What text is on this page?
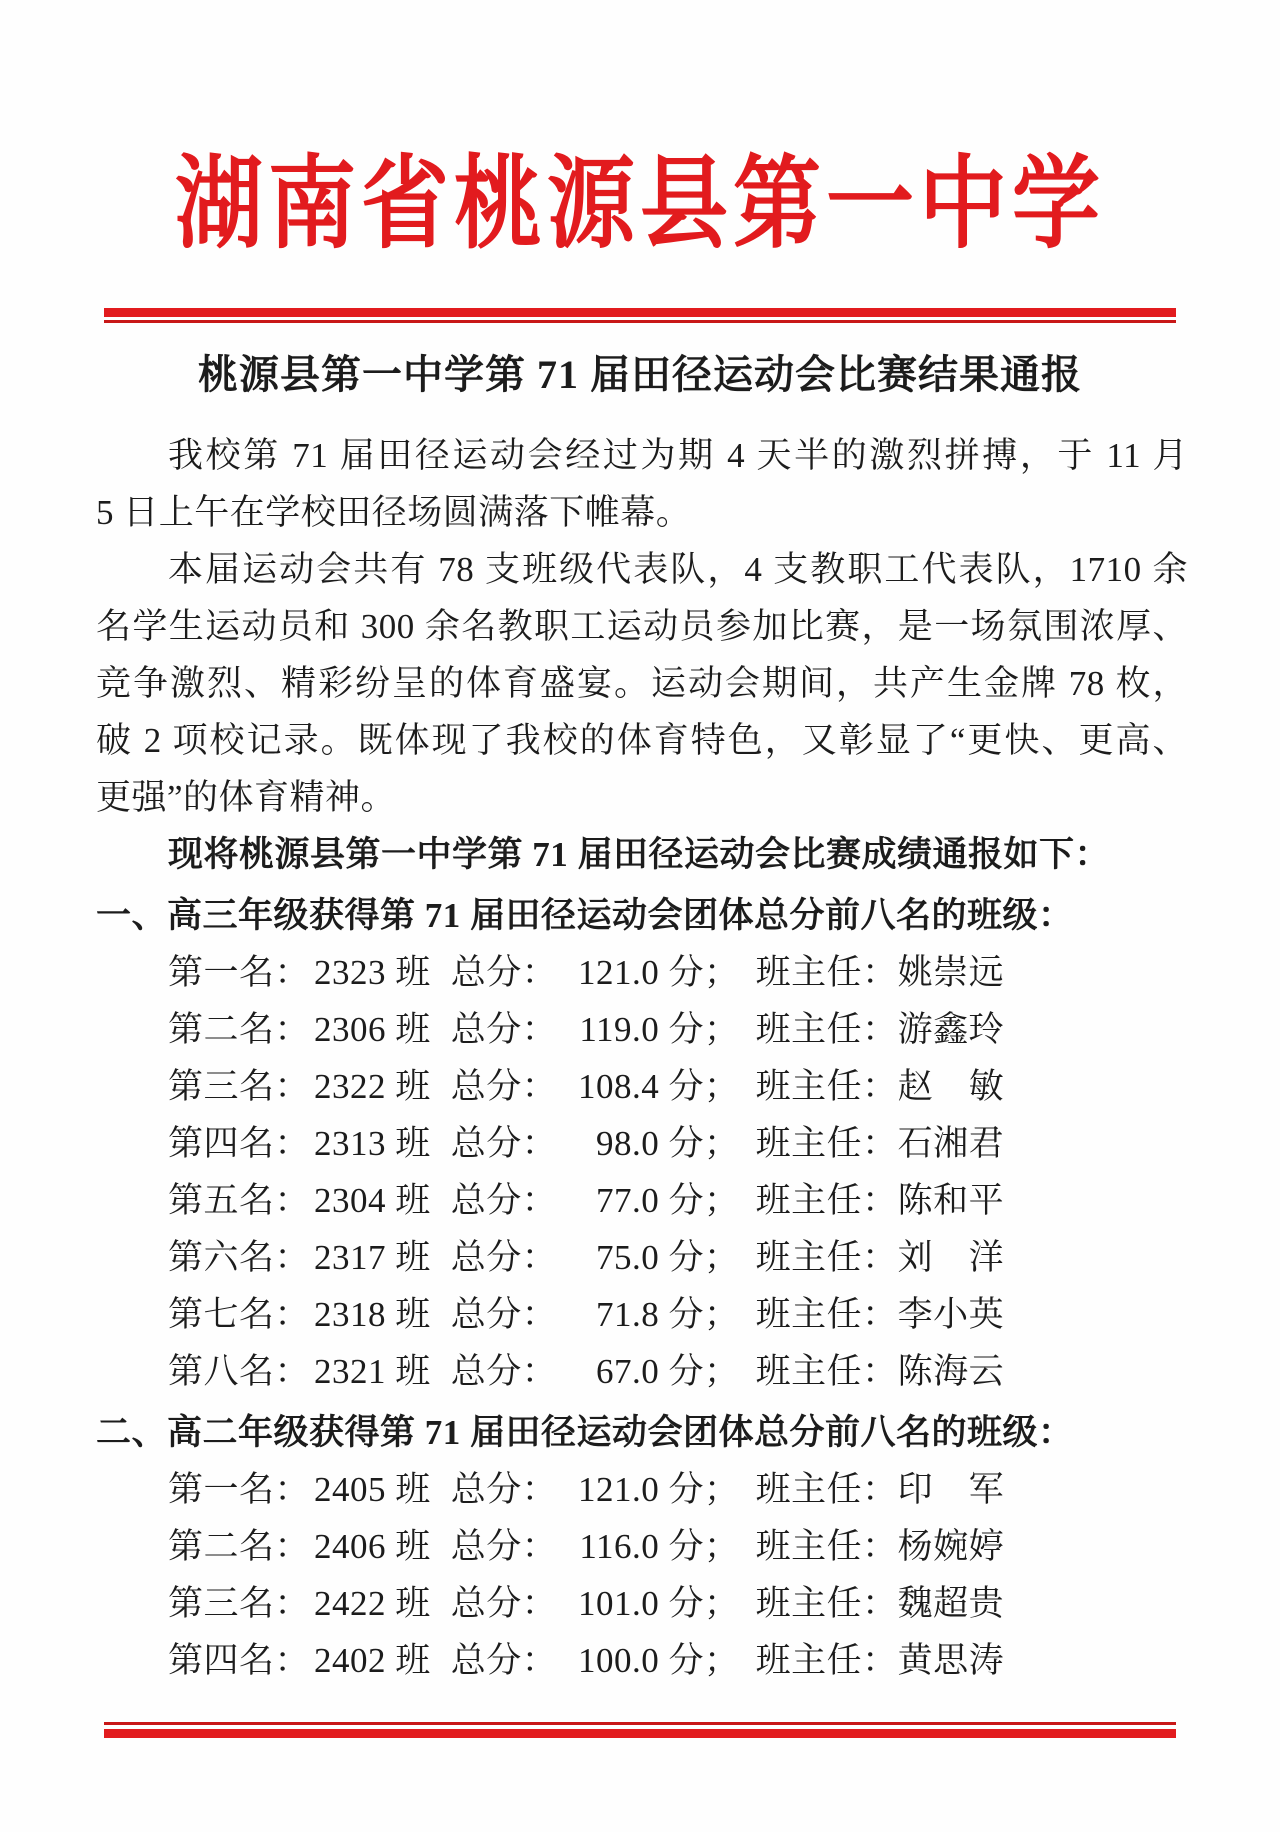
湖南省桃源县第一中学
桃源县第一中学第 71 届田径运动会比赛结果通报
我校第 71 届田径运动会经过为期 4 天半的激烈拼搏，于 11 月
5 日上午在学校田径场圆满落下帷幕。
本届运动会共有 78 支班级代表队，4 支教职工代表队，1710 余
名学生运动员和 300 余名教职工运动员参加比赛，是一场氛围浓厚、
竞争激烈、精彩纷呈的体育盛宴。运动会期间，共产生金牌 78 枚，
破 2 项校记录。既体现了我校的体育特色，又彰显了“更快、更高、
更强”的体育精神。
现将桃源县第一中学第 71 届田径运动会比赛成绩通报如下：
一、高三年级获得第 71 届田径运动会团体总分前八名的班级：
第一名： 2323 班 总分： 121.0 分； 班主任：姚崇远
第二名： 2306 班 总分： 119.0 分； 班主任：游鑫玲
第三名： 2322 班 总分： 108.4 分； 班主任：赵　敏
第四名： 2313 班 总分： 98.0 分； 班主任：石湘君
第五名： 2304 班 总分： 77.0 分； 班主任：陈和平
第六名： 2317 班 总分： 75.0 分； 班主任：刘　洋
第七名： 2318 班 总分： 71.8 分； 班主任：李小英
第八名： 2321 班 总分： 67.0 分； 班主任：陈海云
二、高二年级获得第 71 届田径运动会团体总分前八名的班级：
第一名： 2405 班 总分： 121.0 分； 班主任：印　军
第二名： 2406 班 总分： 116.0 分； 班主任：杨婉婷
第三名： 2422 班 总分： 101.0 分； 班主任：魏超贵
第四名： 2402 班 总分： 100.0 分； 班主任：黄思涛
